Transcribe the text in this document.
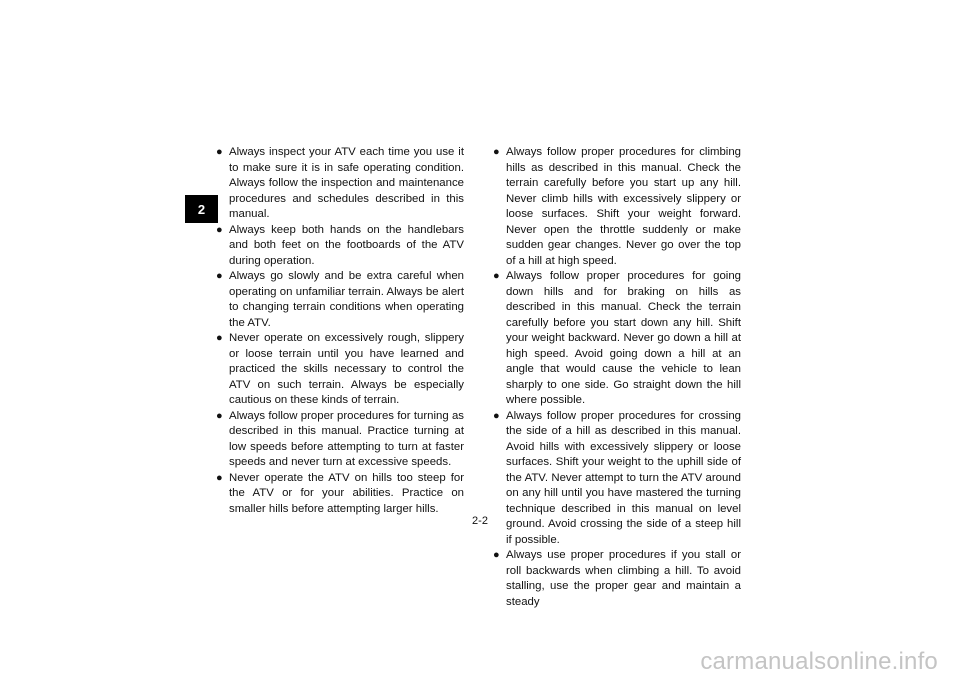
2
● Always inspect your ATV each time you use it to make sure it is in safe operating condition. Always follow the inspection and maintenance procedures and schedules described in this manual.
● Always keep both hands on the handlebars and both feet on the footboards of the ATV during operation.
● Always go slowly and be extra careful when operating on unfamiliar terrain. Always be alert to changing terrain conditions when operating the ATV.
● Never operate on excessively rough, slippery or loose terrain until you have learned and practiced the skills necessary to control the ATV on such terrain. Always be especially cautious on these kinds of terrain.
● Always follow proper procedures for turning as described in this manual. Practice turning at low speeds before attempting to turn at faster speeds and never turn at excessive speeds.
● Never operate the ATV on hills too steep for the ATV or for your abilities. Practice on smaller hills before attempting larger hills.
● Always follow proper procedures for climbing hills as described in this manual. Check the terrain carefully before you start up any hill. Never climb hills with excessively slippery or loose surfaces. Shift your weight forward. Never open the throttle suddenly or make sudden gear changes. Never go over the top of a hill at high speed.
● Always follow proper procedures for going down hills and for braking on hills as described in this manual. Check the terrain carefully before you start down any hill. Shift your weight backward. Never go down a hill at high speed. Avoid going down a hill at an angle that would cause the vehicle to lean sharply to one side. Go straight down the hill where possible.
● Always follow proper procedures for crossing the side of a hill as described in this manual. Avoid hills with excessively slippery or loose surfaces. Shift your weight to the uphill side of the ATV. Never attempt to turn the ATV around on any hill until you have mastered the turning technique described in this manual on level ground. Avoid crossing the side of a steep hill if possible.
● Always use proper procedures if you stall or roll backwards when climbing a hill. To avoid stalling, use the proper gear and maintain a steady
2-2
carmanualsonline.info
